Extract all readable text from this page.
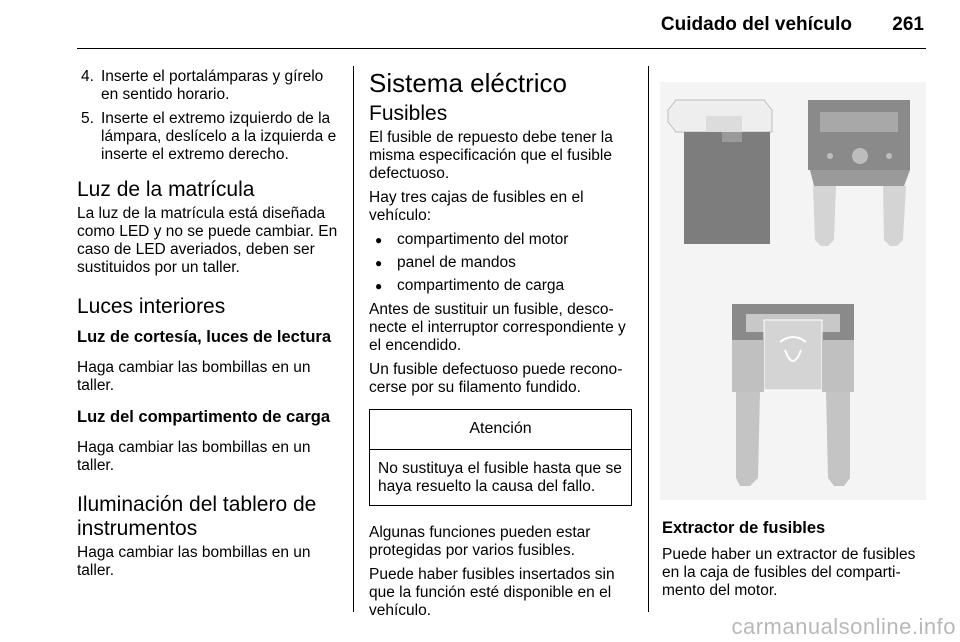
Cuidado del vehículo 261
4. Inserte el portalámparas y gírelo en sentido horario.
5. Inserte el extremo izquierdo de la lámpara, deslícelo a la izquierda e inserte el extremo derecho.
Luz de la matrícula

La luz de la matrícula está diseñada como LED y no se puede cambiar. En caso de LED averiados, deben ser sustituidos por un taller.

Luces interiores
Luz de cortesía, luces de lectura

Haga cambiar las bombillas en un taller.

Luz del compartimento de carga

Haga cambiar las bombillas en un taller.

Iluminación del tablero de instrumentos

Haga cambiar las bombillas en un taller.

Sistema eléctrico
Fusibles

El fusible de repuesto debe tener la misma especificación que el fusible defectuoso.

Hay tres cajas de fusibles en el vehículo:

● compartimento del motor
● panel de mandos
● compartimento de carga

Antes de sustituir un fusible, desconecte el interruptor correspondiente y el encendido.

Un fusible defectuoso puede reconocerse por su filamento fundido.

Atención
No sustituya el fusible hasta que se haya resuelto la causa del fallo.

Algunas funciones pueden estar protegidas por varios fusibles.

Puede haber fusibles insertados sin que la función esté disponible en el vehículo.

Extractor de fusibles

Puede haber un extractor de fusibles en la caja de fusibles del compartimento del motor.

carmanualsonline.info
